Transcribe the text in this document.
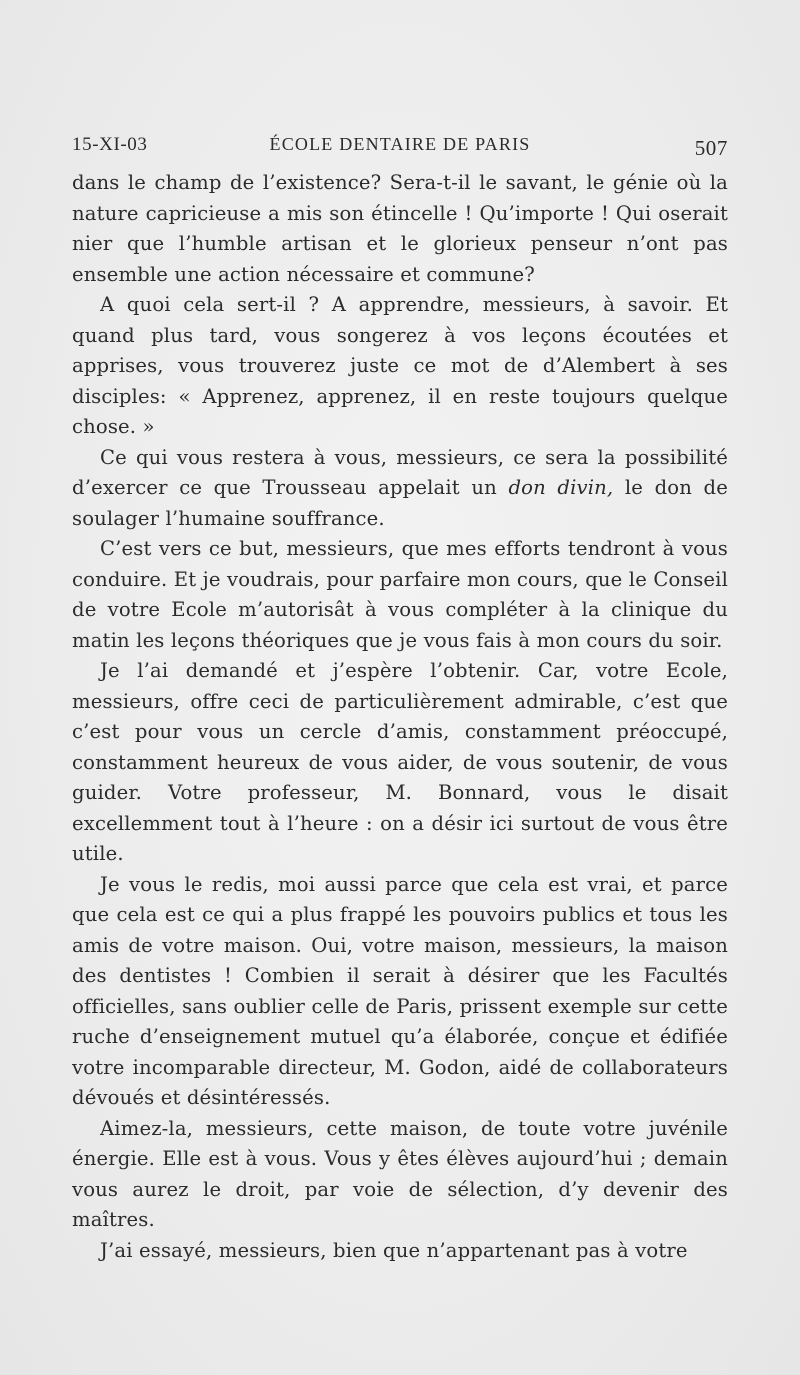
15-XI-03	ÉCOLE DENTAIRE DE PARIS	507

dans le champ de l’existence? Sera-t-il le savant, le génie où la nature capricieuse a mis son étincelle ! Qu’importe ! Qui oserait nier que l’humble artisan et le glorieux penseur n’ont pas ensemble une action nécessaire et commune?

A quoi cela sert-il ? A apprendre, messieurs, à savoir. Et quand plus tard, vous songerez à vos leçons écoutées et apprises, vous trouverez juste ce mot de d’Alembert à ses disciples: « Apprenez, apprenez, il en reste toujours quelque chose. »

Ce qui vous restera à vous, messieurs, ce sera la possibilité d’exercer ce que Trousseau appelait un don divin, le don de soulager l’humaine souffrance.

C’est vers ce but, messieurs, que mes efforts tendront à vous conduire. Et je voudrais, pour parfaire mon cours, que le Conseil de votre Ecole m’autorisât à vous compléter à la clinique du matin les leçons théoriques que je vous fais à mon cours du soir.

Je l’ai demandé et j’espère l’obtenir. Car, votre Ecole, messieurs, offre ceci de particulièrement admirable, c’est que c’est pour vous un cercle d’amis, constamment préoccupé, constamment heureux de vous aider, de vous soutenir, de vous guider. Votre professeur, M. Bonnard, vous le disait excellemment tout à l’heure : on a désir ici surtout de vous être utile.

Je vous le redis, moi aussi parce que cela est vrai, et parce que cela est ce qui a plus frappé les pouvoirs publics et tous les amis de votre maison. Oui, votre maison, messieurs, la maison des dentistes ! Combien il serait à désirer que les Facultés officielles, sans oublier celle de Paris, prissent exemple sur cette ruche d’enseignement mutuel qu’a élaborée, conçue et édifiée votre incomparable directeur, M. Godon, aidé de collaborateurs dévoués et désintéressés.

Aimez-la, messieurs, cette maison, de toute votre juvénile énergie. Elle est à vous. Vous y êtes élèves aujourd’hui ; demain vous aurez le droit, par voie de sélection, d’y devenir des maîtres.

J’ai essayé, messieurs, bien que n’appartenant pas à votre
